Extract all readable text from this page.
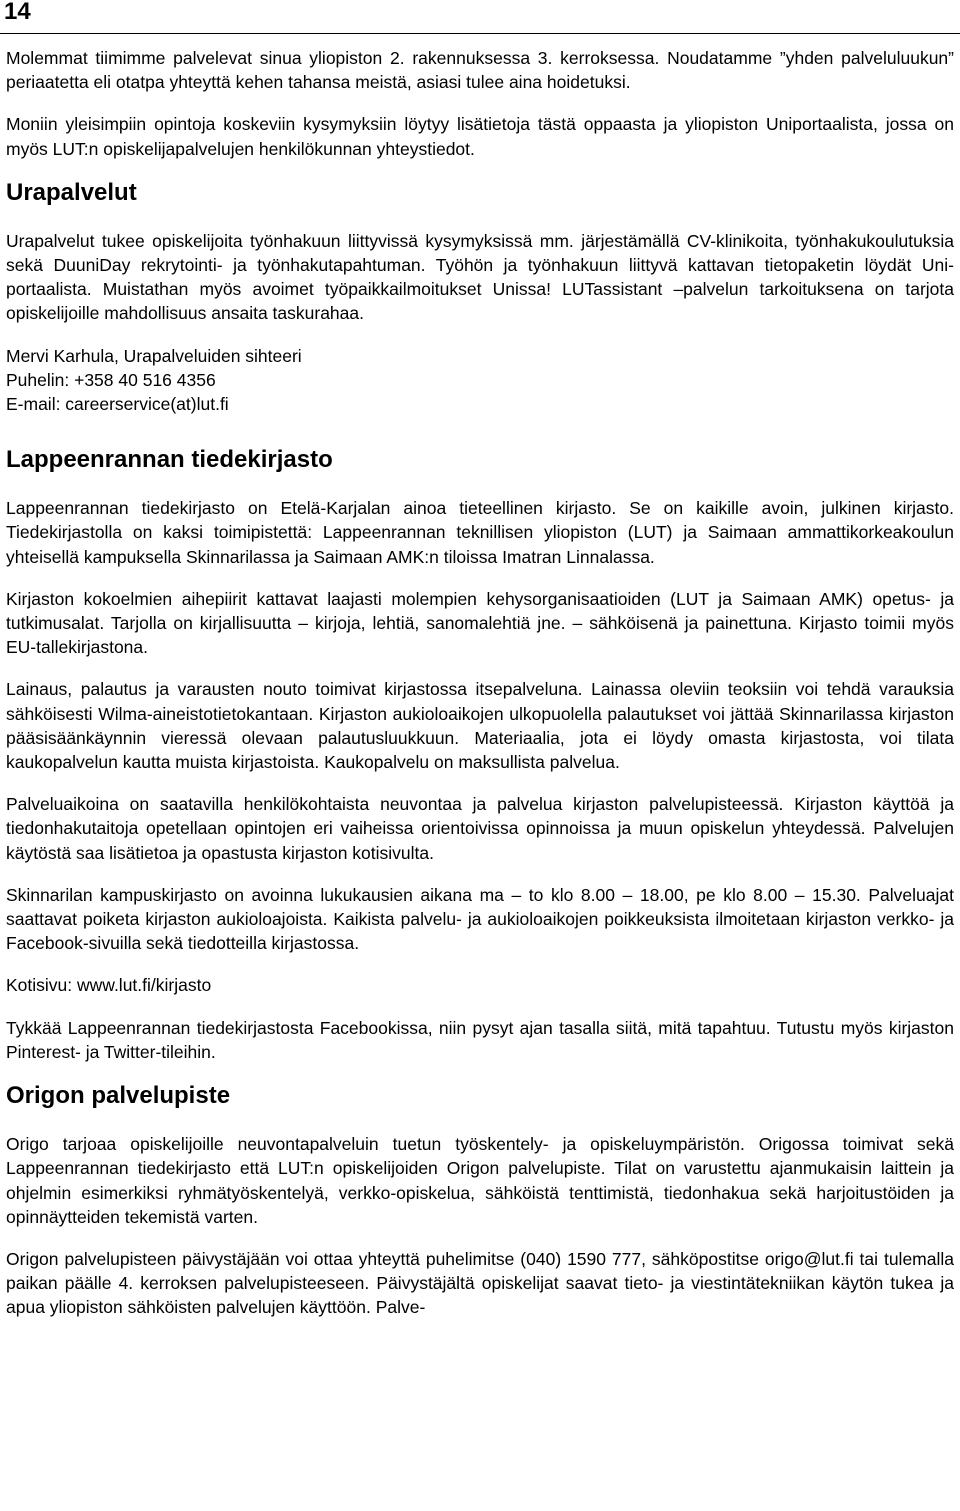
14

Molemmat tiimimme palvelevat sinua yliopiston 2. rakennuksessa 3. kerroksessa. Noudatamme ”yhden palveluluukun” periaatetta eli otatpa yhteyttä kehen tahansa meistä, asiasi tulee aina hoidetuksi.

Moniin yleisimpiin opintoja koskeviin kysymyksiin löytyy lisätietoja tästä oppaasta ja yliopiston Uniportaalista, jossa on myös LUT:n opiskelijapalvelujen henkilökunnan yhteystiedot.

Urapalvelut

Urapalvelut tukee opiskelijoita työnhakuun liittyvissä kysymyksissä mm. järjestämällä CV-klinikoita, työnhakukoulutuksia sekä DuuniDay rekrytointi- ja työnhakutapahtuman. Työhön ja työnhakuun liittyvä kattavan tietopaketin löydät Uni-portaalista. Muistathan myös avoimet työpaikkailmoitukset Unissa! LUTassistant –palvelun tarkoituksena on tarjota opiskelijoille mahdollisuus ansaita taskurahaa.

Mervi Karhula, Urapalveluiden sihteeri
Puhelin: +358 40 516 4356
E-mail: careerservice(at)lut.fi

Lappeenrannan tiedekirjasto

Lappeenrannan tiedekirjasto on Etelä-Karjalan ainoa tieteellinen kirjasto. Se on kaikille avoin, julkinen kirjasto. Tiedekirjastolla on kaksi toimipistettä: Lappeenrannan teknillisen yliopiston (LUT) ja Saimaan ammattikorkeakoulun yhteisellä kampuksella Skinnarilassa ja Saimaan AMK:n tiloissa Imatran Linnalassa.

Kirjaston kokoelmien aihepiirit kattavat laajasti molempien kehysorganisaatioiden (LUT ja Saimaan AMK) opetus- ja tutkimusalat. Tarjolla on kirjallisuutta – kirjoja, lehtiä, sanomalehtiä jne. – sähköisenä ja painettuna. Kirjasto toimii myös EU-tallekirjastona.

Lainaus, palautus ja varausten nouto toimivat kirjastossa itsepalveluna. Lainassa oleviin teoksiin voi tehdä varauksia sähköisesti Wilma-aineistotietokantaan. Kirjaston aukioloaikojen ulkopuolella palautukset voi jättää Skinnarilassa kirjaston pääsisäänkäynnin vieressä olevaan palautusluukkuun. Materiaalia, jota ei löydy omasta kirjastosta, voi tilata kaukopalvelun kautta muista kirjastoista. Kaukopalvelu on maksullista palvelua.

Palveluaikoina on saatavilla henkilökohtaista neuvontaa ja palvelua kirjaston palvelupisteessä. Kirjaston käyttöä ja tiedonhakutaitoja opetellaan opintojen eri vaiheissa orientoivissa opinnoissa ja muun opiskelun yhteydessä. Palvelujen käytöstä saa lisätietoa ja opastusta kirjaston kotisivulta.

Skinnarilan kampuskirjasto on avoinna lukukausien aikana ma – to klo 8.00 – 18.00, pe klo 8.00 – 15.30. Palveluajat saattavat poiketa kirjaston aukioloajoista. Kaikista palvelu- ja aukioloaikojen poikkeuksista ilmoitetaan kirjaston verkko- ja Facebook-sivuilla sekä tiedotteilla kirjastossa.

Kotisivu: www.lut.fi/kirjasto

Tykkää Lappeenrannan tiedekirjastosta Facebookissa, niin pysyt ajan tasalla siitä, mitä tapahtuu. Tutustu myös kirjaston Pinterest- ja Twitter-tileihin.

Origon palvelupiste

Origo tarjoaa opiskelijoille neuvontapalveluin tuetun työskentely- ja opiskeluympäristön. Origossa toimivat sekä Lappeenrannan tiedekirjasto että LUT:n opiskelijoiden Origon palvelupiste. Tilat on varustettu ajanmukaisin laittein ja ohjelmin esimerkiksi ryhmätyöskentelyä, verkko-opiskelua, sähköistä tenttimistä, tiedonhakua sekä harjoitustöiden ja opinnäytteiden tekemistä varten.

Origon palvelupisteen päivystäjään voi ottaa yhteyttä puhelimitse (040) 1590 777, sähköpostitse origo@lut.fi tai tulemalla paikan päälle 4. kerroksen palvelupisteeseen. Päivystäjältä opiskelijat saavat tieto- ja viestintätekniikan käytön tukea ja apua yliopiston sähköisten palvelujen käyttöön. Palve-
